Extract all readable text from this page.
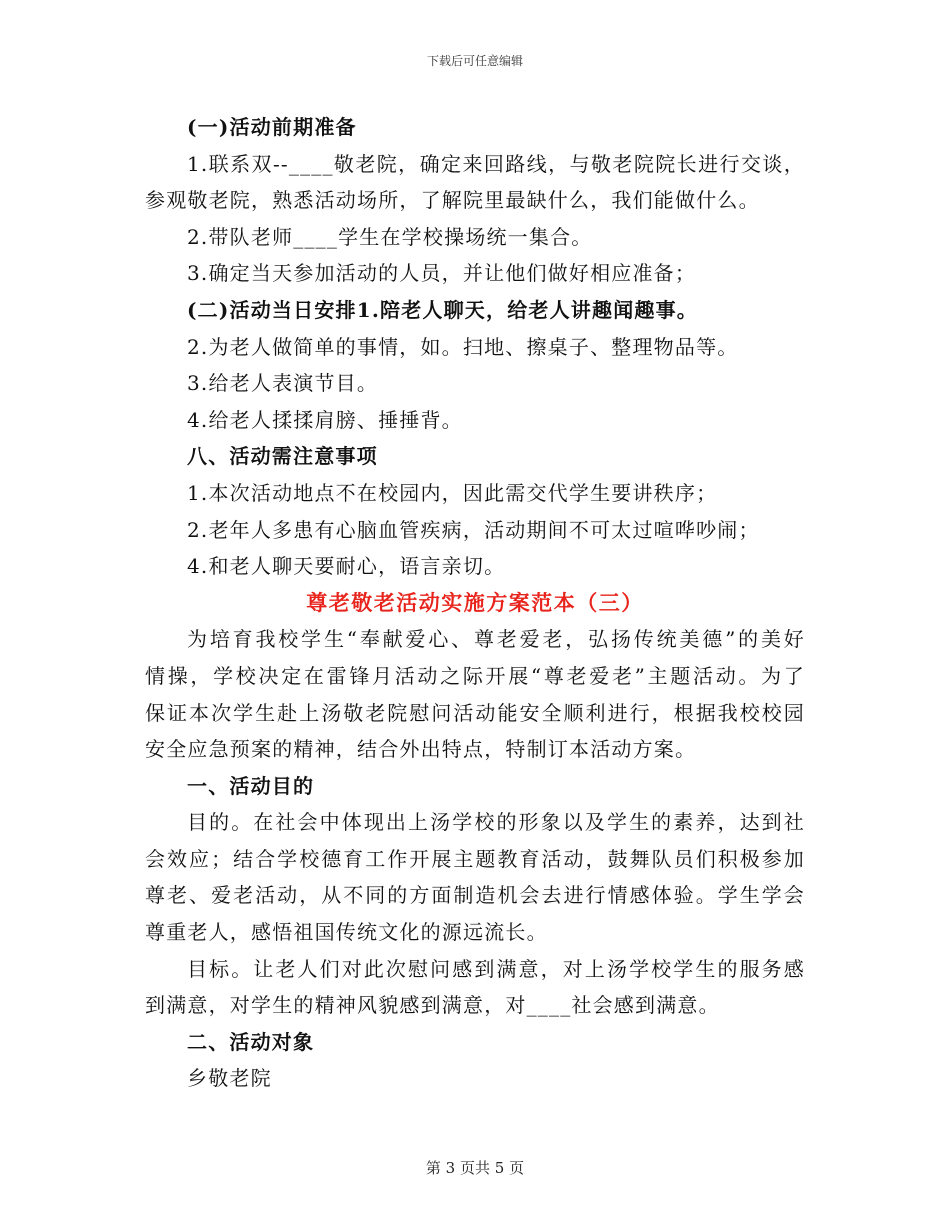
下载后可任意编辑
(一)活动前期准备
1.联系双--____敬老院，确定来回路线，与敬老院院长进行交谈，
参观敬老院，熟悉活动场所，了解院里最缺什么，我们能做什么。
2.带队老师____学生在学校操场统一集合。
3.确定当天参加活动的人员，并让他们做好相应准备；
(二)活动当日安排1.陪老人聊天，给老人讲趣闻趣事。
2.为老人做简单的事情，如。扫地、擦桌子、整理物品等。
3.给老人表演节目。
4.给老人揉揉肩膀、捶捶背。
八、活动需注意事项
1.本次活动地点不在校园内，因此需交代学生要讲秩序；
2.老年人多患有心脑血管疾病，活动期间不可太过喧哗吵闹；
4.和老人聊天要耐心，语言亲切。
尊老敬老活动实施方案范本（三）
为培育我校学生“奉献爱心、尊老爱老，弘扬传统美德”的美好
情操，学校决定在雷锋月活动之际开展“尊老爱老”主题活动。为了
保证本次学生赴上汤敬老院慰问活动能安全顺利进行，根据我校校园
安全应急预案的精神，结合外出特点，特制订本活动方案。
一、活动目的
目的。在社会中体现出上汤学校的形象以及学生的素养，达到社
会效应；结合学校德育工作开展主题教育活动，鼓舞队员们积极参加
尊老、爱老活动，从不同的方面制造机会去进行情感体验。学生学会
尊重老人，感悟祖国传统文化的源远流长。
目标。让老人们对此次慰问感到满意，对上汤学校学生的服务感
到满意，对学生的精神风貌感到满意，对____社会感到满意。
二、活动对象
乡敬老院
第 3 页共 5 页
